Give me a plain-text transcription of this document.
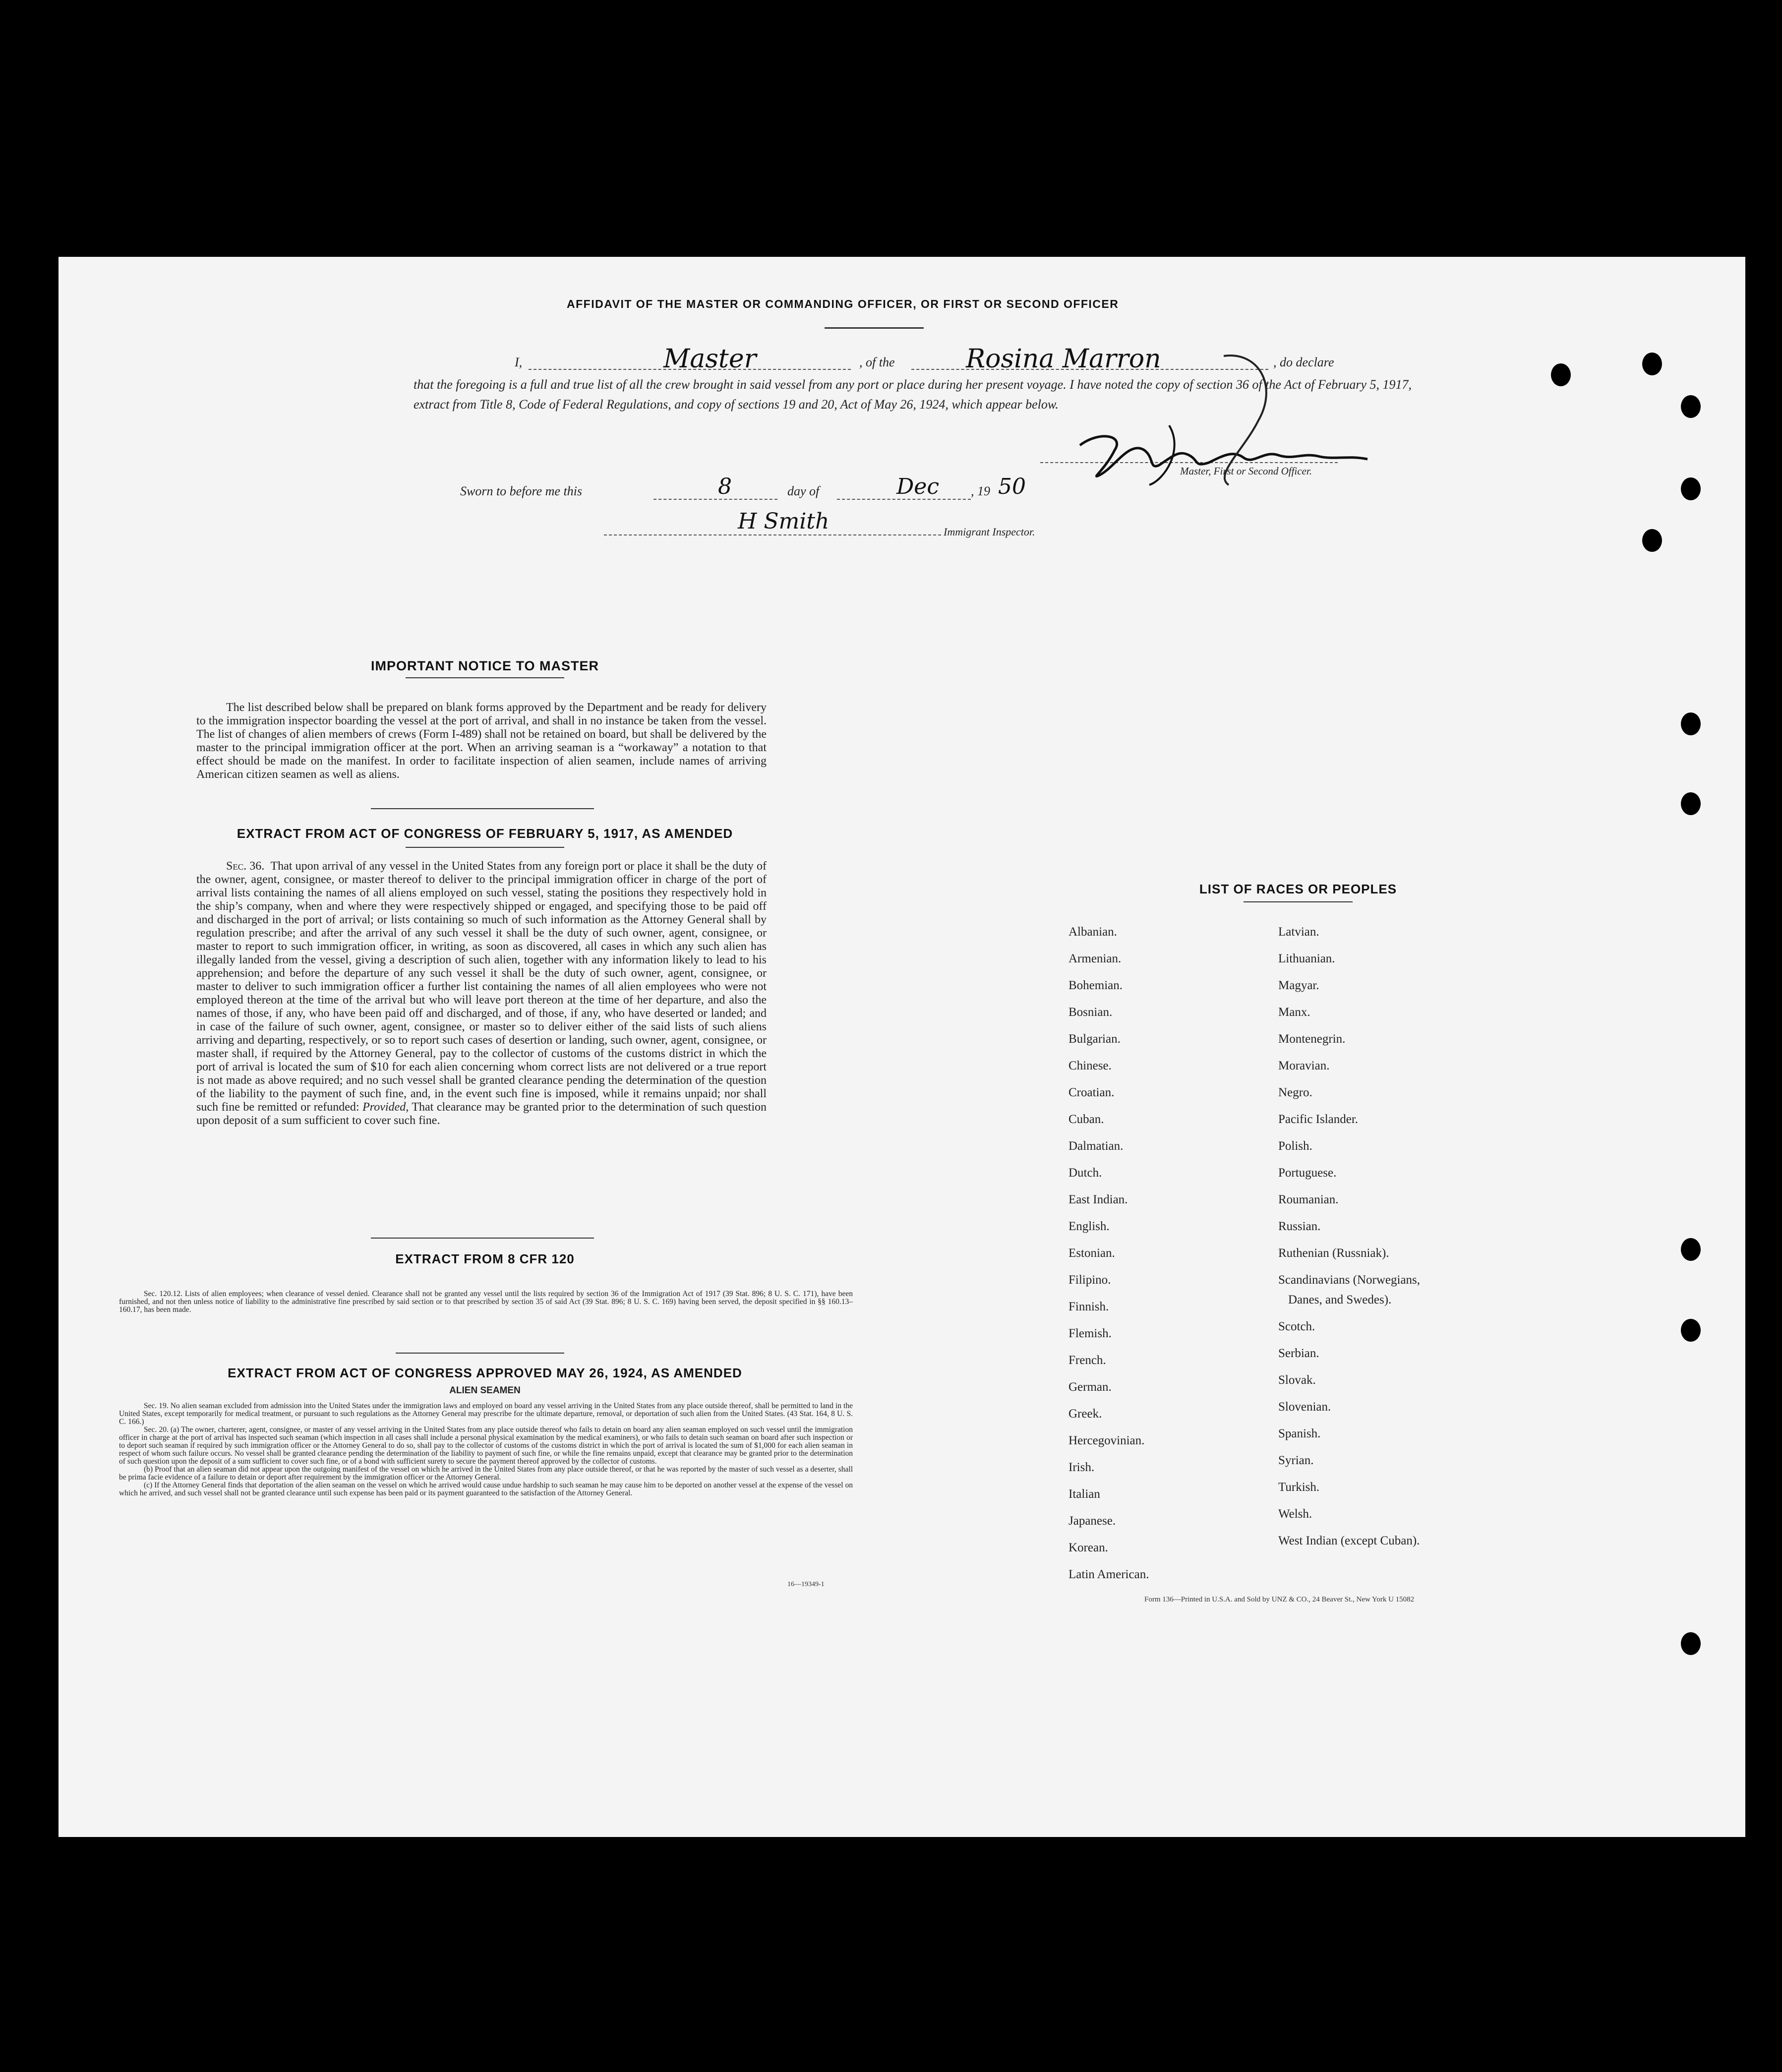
AFFIDAVIT OF THE MASTER OR COMMANDING OFFICER, OR FIRST OR SECOND OFFICER
I,	Master	, of the	Rosina Marron	, do declare
that the foregoing is a full and true list of all the crew brought in said vessel from any port or place during her present voyage. I have noted the copy of section 36 of the Act of February 5, 1917, extract from Title 8, Code of Federal Regulations, and copy of sections 19 and 20, Act of May 26, 1924, which appear below.
Master, First or Second Officer.
Sworn to before me this	8	day of	Dec , 19 50
H Smith	Immigrant Inspector.
IMPORTANT NOTICE TO MASTER
The list described below shall be prepared on blank forms approved by the Department and be ready for delivery to the immigration inspector boarding the vessel at the port of arrival, and shall in no instance be taken from the vessel. The list of changes of alien members of crews (Form I-489) shall not be retained on board, but shall be delivered by the master to the principal immigration officer at the port. When an arriving seaman is a “workaway” a notation to that effect should be made on the manifest. In order to facilitate inspection of alien seamen, include names of arriving American citizen seamen as well as aliens.
EXTRACT FROM ACT OF CONGRESS OF FEBRUARY 5, 1917, AS AMENDED
Sec. 36. That upon arrival of any vessel in the United States from any foreign port or place it shall be the duty of the owner, agent, consignee, or master thereof to deliver to the principal immigration officer in charge of the port of arrival lists containing the names of all aliens employed on such vessel, stating the positions they respectively hold in the ship’s company, when and where they were respectively shipped or engaged, and specifying those to be paid off and discharged in the port of arrival; or lists containing so much of such information as the Attorney General shall by regulation prescribe; and after the arrival of any such vessel it shall be the duty of such owner, agent, consignee, or master to report to such immigration officer, in writing, as soon as discovered, all cases in which any such alien has illegally landed from the vessel, giving a description of such alien, together with any information likely to lead to his apprehension; and before the departure of any such vessel it shall be the duty of such owner, agent, consignee, or master to deliver to such immigration officer a further list containing the names of all alien employees who were not employed thereon at the time of the arrival but who will leave port thereon at the time of her departure, and also the names of those, if any, who have been paid off and discharged, and of those, if any, who have deserted or landed; and in case of the failure of such owner, agent, consignee, or master so to deliver either of the said lists of such aliens arriving and departing, respectively, or so to report such cases of desertion or landing, such owner, agent, consignee, or master shall, if required by the Attorney General, pay to the collector of customs of the customs district in which the port of arrival is located the sum of $10 for each alien concerning whom correct lists are not delivered or a true report is not made as above required; and no such vessel shall be granted clearance pending the determination of the question of the liability to the payment of such fine, and, in the event such fine is imposed, while it remains unpaid; nor shall such fine be remitted or refunded: Provided, That clearance may be granted prior to the determination of such question upon deposit of a sum sufficient to cover such fine.
EXTRACT FROM 8 CFR 120
Sec. 120.12. Lists of alien employees; when clearance of vessel denied. Clearance shall not be granted any vessel until the lists required by section 36 of the Immigration Act of 1917 (39 Stat. 896; 8 U. S. C. 171), have been furnished, and not then unless notice of liability to the administrative fine prescribed by said section or to that prescribed by section 35 of said Act (39 Stat. 896; 8 U. S. C. 169) having been served, the deposit specified in §§ 160.13–160.17, has been made.
EXTRACT FROM ACT OF CONGRESS APPROVED MAY 26, 1924, AS AMENDED
ALIEN SEAMEN
Sec. 19. No alien seaman excluded from admission into the United States under the immigration laws and employed on board any vessel arriving in the United States from any place outside thereof, shall be permitted to land in the United States, except temporarily for medical treatment, or pursuant to such regulations as the Attorney General may prescribe for the ultimate departure, removal, or deportation of such alien from the United States. (43 Stat. 164, 8 U. S. C. 166.)
Sec. 20. (a) The owner, charterer, agent, consignee, or master of any vessel arriving in the United States from any place outside thereof who fails to detain on board any alien seaman employed on such vessel until the immigration officer in charge at the port of arrival has inspected such seaman (which inspection in all cases shall include a personal physical examination by the medical examiners), or who fails to detain such seaman on board after such inspection or to deport such seaman if required by such immigration officer or the Attorney General to do so, shall pay to the collector of customs of the customs district in which the port of arrival is located the sum of $1,000 for each alien seaman in respect of whom such failure occurs. No vessel shall be granted clearance pending the determination of the liability to payment of such fine, or while the fine remains unpaid, except that clearance may be granted prior to the determination of such question upon the deposit of a sum sufficient to cover such fine, or of a bond with sufficient surety to secure the payment thereof approved by the collector of customs.
(b) Proof that an alien seaman did not appear upon the outgoing manifest of the vessel on which he arrived in the United States from any place outside thereof, or that he was reported by the master of such vessel as a deserter, shall be prima facie evidence of a failure to detain or deport after requirement by the immigration officer or the Attorney General.
(c) If the Attorney General finds that deportation of the alien seaman on the vessel on which he arrived would cause undue hardship to such seaman he may cause him to be deported on another vessel at the expense of the vessel on which he arrived, and such vessel shall not be granted clearance until such expense has been paid or its payment guaranteed to the satisfaction of the Attorney General.
16—19349-1
LIST OF RACES OR PEOPLES
Form 136—Printed in U.S.A. and Sold by UNZ & CO., 24 Beaver St., New York U 15082
Albanian.
Armenian.
Bohemian.
Bosnian.
Bulgarian.
Chinese.
Croatian.
Cuban.
Dalmatian.
Dutch.
East Indian.
English.
Estonian.
Filipino.
Finnish.
Flemish.
French.
German.
Greek.
Hercegovinian.
Irish.
Italian
Japanese.
Korean.
Latin American.
Latvian.
Lithuanian.
Magyar.
Manx.
Montenegrin.
Moravian.
Negro.
Pacific Islander.
Polish.
Portuguese.
Roumanian.
Russian.
Ruthenian (Russniak).
Scandinavians (Norwegians,
Danes, and Swedes).
Scotch.
Serbian.
Slovak.
Slovenian.
Spanish.
Syrian.
Turkish.
Welsh.
West Indian (except Cuban).
